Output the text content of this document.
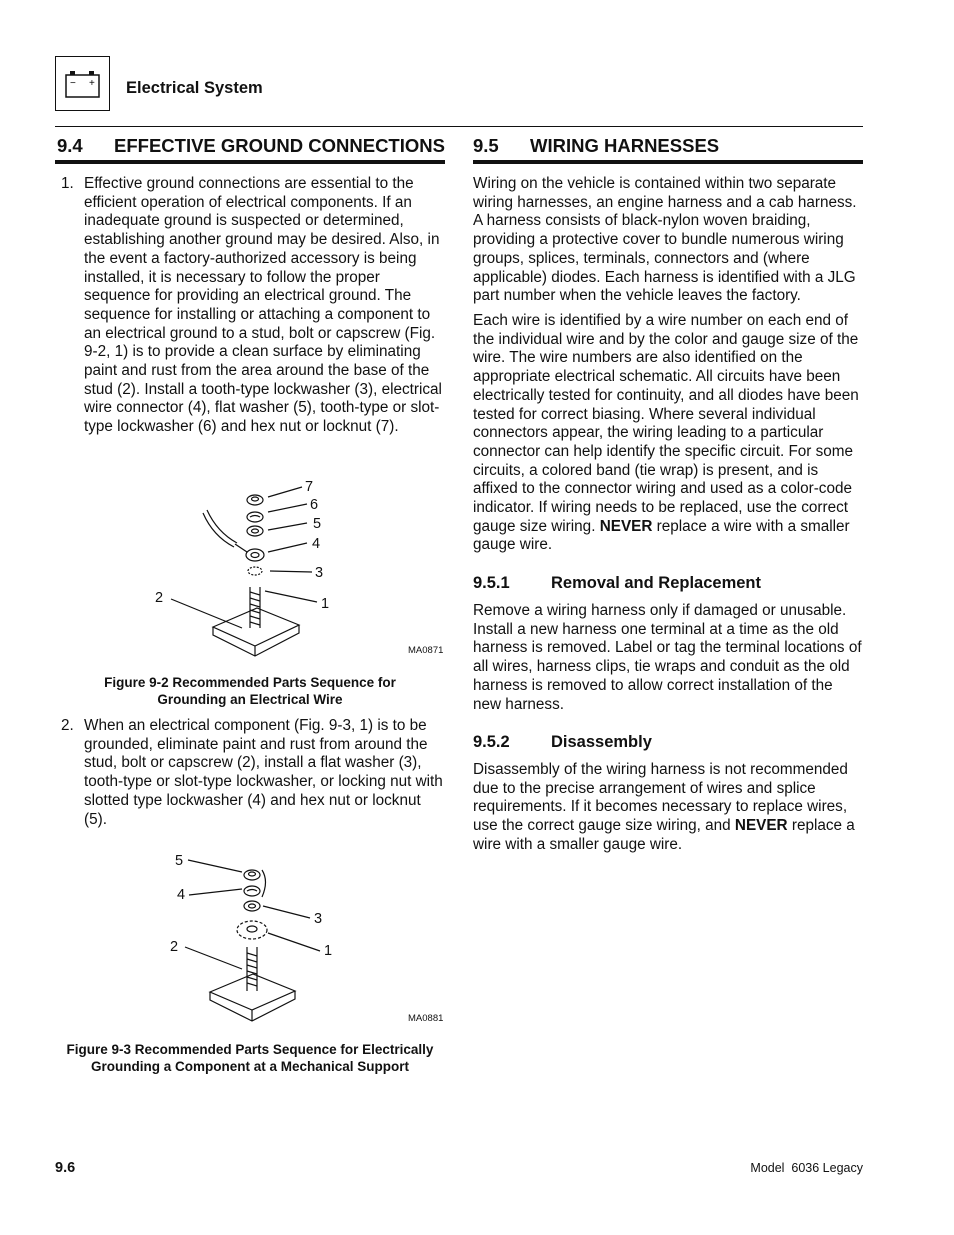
− + Electrical System
9.4 EFFECTIVE GROUND CONNECTIONS
1. Effective ground connections are essential to the efficient operation of electrical components. If an inadequate ground is suspected or determined, establishing another ground may be desired. Also, in the event a factory-authorized accessory is being installed, it is necessary to follow the proper sequence for providing an electrical ground. The sequence for installing or attaching a component to an electrical ground to a stud, bolt or capscrew (Fig. 9-2, 1) is to provide a clean surface by eliminating paint and rust from the area around the base of the stud (2). Install a tooth-type lockwasher (3), electrical wire connector (4), flat washer (5), tooth-type or slot-type lockwasher (6) and hex nut or locknut (7).
7
6
5
4
3
2	1
MA0871
Figure 9-2 Recommended Parts Sequence for
Grounding an Electrical Wire
2. When an electrical component (Fig. 9-3, 1) is to be grounded, eliminate paint and rust from around the stud, bolt or capscrew (2), install a flat washer (3), tooth-type or slot-type lockwasher, or locking nut with slotted type lockwasher (4) and hex nut or locknut (5).
5
4
3
2	1
MA0881
Figure 9-3 Recommended Parts Sequence for Electrically
Grounding a Component at a Mechanical Support
9.5 WIRING HARNESSES
Wiring on the vehicle is contained within two separate wiring harnesses, an engine harness and a cab harness. A harness consists of black-nylon woven braiding, providing a protective cover to bundle numerous wiring groups, splices, terminals, connectors and (where applicable) diodes. Each harness is identified with a JLG part number when the vehicle leaves the factory.
Each wire is identified by a wire number on each end of the individual wire and by the color and gauge size of the wire. The wire numbers are also identified on the appropriate electrical schematic. All circuits have been electrically tested for continuity, and all diodes have been tested for correct biasing. Where several individual connectors appear, the wiring leading to a particular connector can help identify the specific circuit. For some circuits, a colored band (tie wrap) is present, and is affixed to the connector wiring and used as a color-code indicator. If wiring needs to be replaced, use the correct gauge size wiring. NEVER replace a wire with a smaller gauge wire.
9.5.1	Removal and Replacement
Remove a wiring harness only if damaged or unusable. Install a new harness one terminal at a time as the old harness is removed. Label or tag the terminal locations of all wires, harness clips, tie wraps and conduit as the old harness is removed to allow correct installation of the new harness.
9.5.2	Disassembly
Disassembly of the wiring harness is not recommended due to the precise arrangement of wires and splice requirements. If it becomes necessary to replace wires, use the correct gauge size wiring, and NEVER replace a wire with a smaller gauge wire.
9.6	Model  6036 Legacy
